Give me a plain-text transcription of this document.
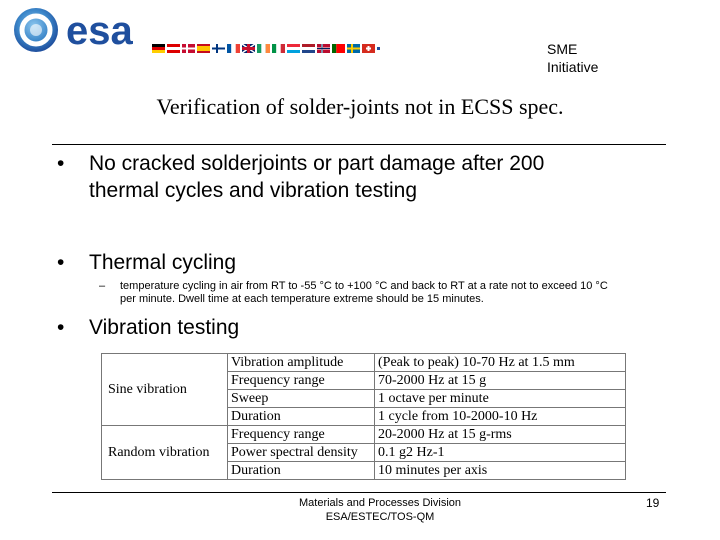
esa	SME
Initiative
Verification of solder-joints not in ECSS spec.
• No cracked solderjoints or part damage after 200
thermal cycles and vibration testing
• Thermal cycling
– temperature cycling in air from RT to -55 °C to +100 °C and back to RT at a rate not to exceed 10 °C
per minute. Dwell time at each temperature extreme should be 15 minutes.
• Vibration testing
Sine vibration	Vibration amplitude	(Peak to peak) 10-70 Hz at 1.5 mm
	Frequency range	70-2000 Hz at 15 g
	Sweep	1 octave per minute
	Duration	1 cycle from 10-2000-10 Hz
Random vibration	Frequency range	20-2000 Hz at 15 g-rms
	Power spectral density	0.1 g2 Hz-1
	Duration	10 minutes per axis
Materials and Processes Division
ESA/ESTEC/TOS-QM
19
